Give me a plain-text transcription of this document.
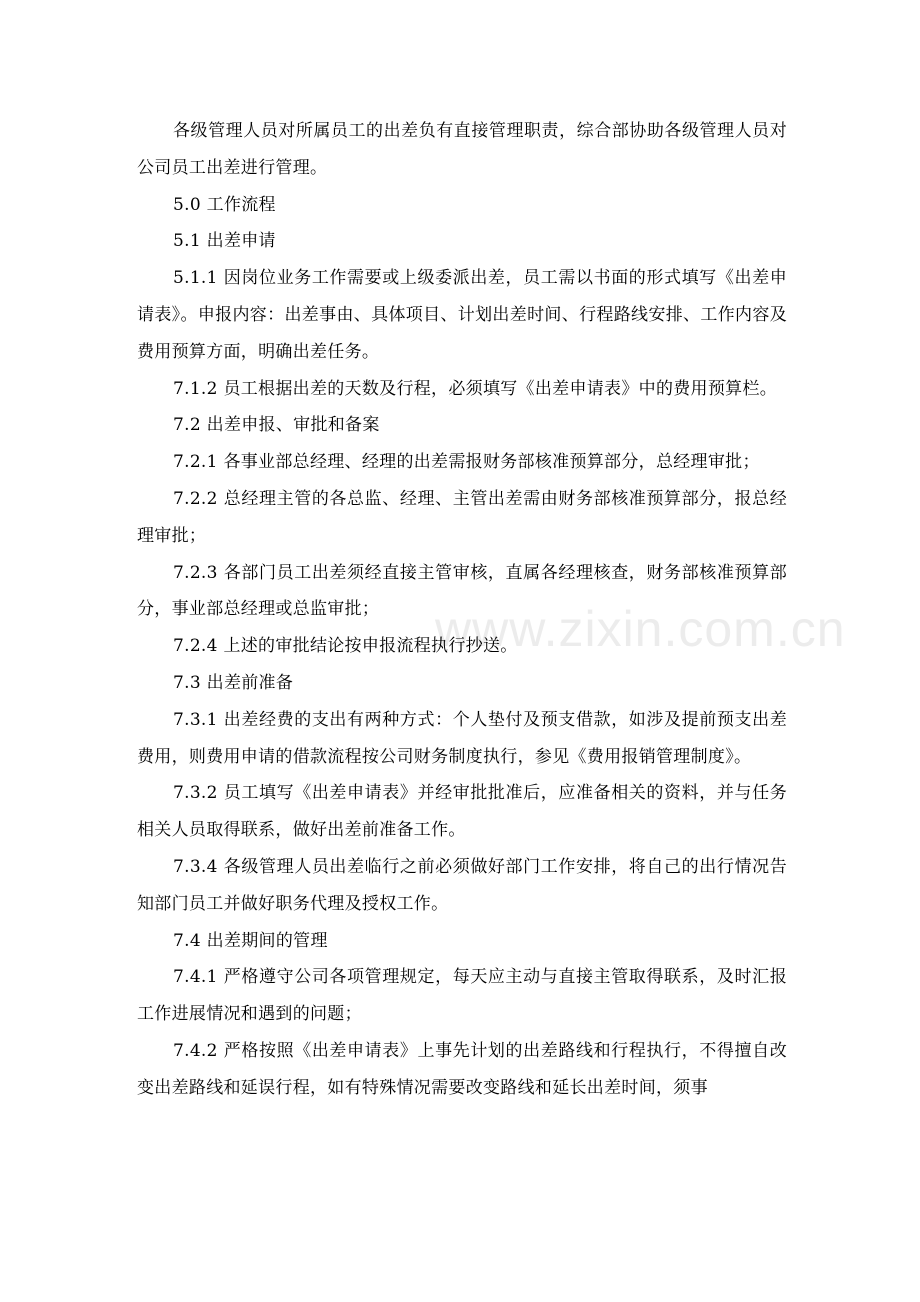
www.zixin.com.cn

各级管理人员对所属员工的出差负有直接管理职责，综合部协助各级管理人员对公司员工出差进行管理。

5.0 工作流程

5.1 出差申请

5.1.1 因岗位业务工作需要或上级委派出差，员工需以书面的形式填写《出差申请表》。申报内容：出差事由、具体项目、计划出差时间、行程路线安排、工作内容及费用预算方面，明确出差任务。

7.1.2 员工根据出差的天数及行程，必须填写《出差申请表》中的费用预算栏。

7.2 出差申报、审批和备案

7.2.1 各事业部总经理、经理的出差需报财务部核准预算部分，总经理审批；

7.2.2 总经理主管的各总监、经理、主管出差需由财务部核准预算部分，报总经理审批；

7.2.3 各部门员工出差须经直接主管审核，直属各经理核查，财务部核准预算部分，事业部总经理或总监审批；

7.2.4 上述的审批结论按申报流程执行抄送。

7.3 出差前准备

7.3.1 出差经费的支出有两种方式：个人垫付及预支借款，如涉及提前预支出差费用，则费用申请的借款流程按公司财务制度执行，参见《费用报销管理制度》。

7.3.2 员工填写《出差申请表》并经审批批准后，应准备相关的资料，并与任务相关人员取得联系，做好出差前准备工作。

7.3.4 各级管理人员出差临行之前必须做好部门工作安排，将自己的出行情况告知部门员工并做好职务代理及授权工作。

7.4 出差期间的管理

7.4.1 严格遵守公司各项管理规定，每天应主动与直接主管取得联系，及时汇报工作进展情况和遇到的问题；

7.4.2 严格按照《出差申请表》上事先计划的出差路线和行程执行，不得擅自改变出差路线和延误行程，如有特殊情况需要改变路线和延长出差时间，须事
